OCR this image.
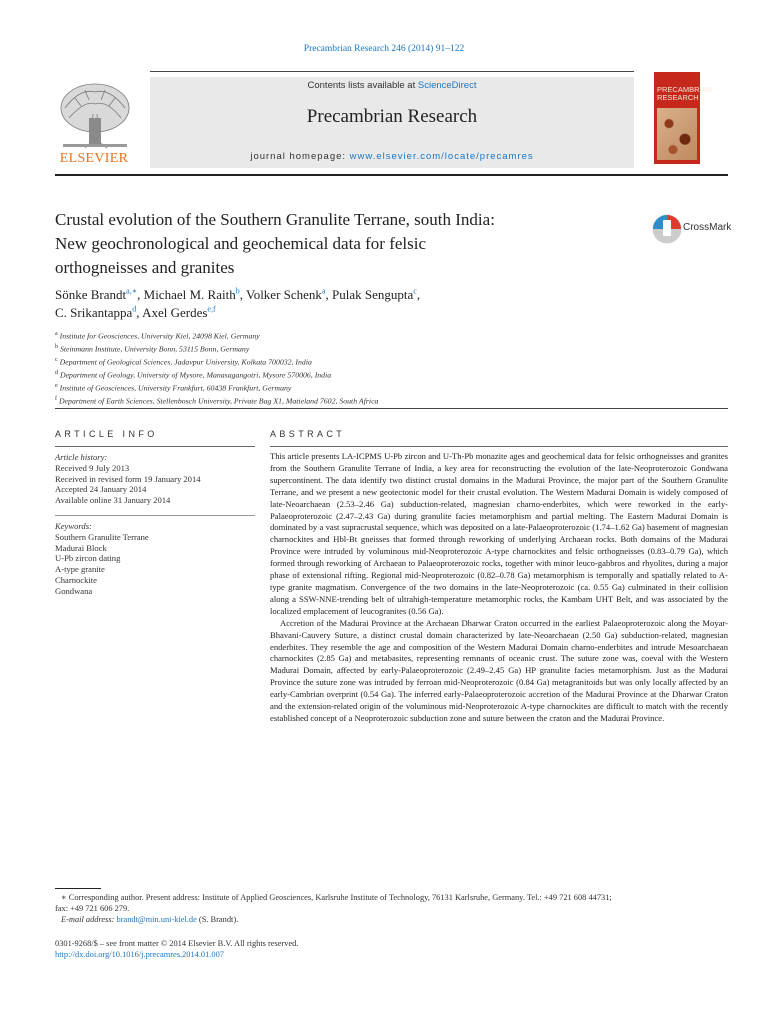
Precambrian Research 246 (2014) 91–122
ELSEVIER
Contents lists available at ScienceDirect
Precambrian Research
journal homepage: www.elsevier.com/locate/precamres
PRECAMBRIAN
RESEARCH
Crustal evolution of the Southern Granulite Terrane, south India:
New geochronological and geochemical data for felsic
orthogneisses and granites
CrossMark
Sönke Brandt$^{a,∗}$, Michael M. Raith$^b$, Volker Schenk$^a$, Pulak Sengupta$^c$,
C. Srikantappa$^d$, Axel Gerdes$^{e,f}$
$^a$ Institute for Geosciences, University Kiel, 24098 Kiel, Germany
$^b$ Steinmann Institute, University Bonn, 53115 Bonn, Germany
$^c$ Department of Geological Sciences, Jadavpur University, Kolkata 700032, India
$^d$ Department of Geology, University of Mysore, Manasagangotri, Mysore 570006, India
$^e$ Institute of Geosciences, University Frankfurt, 60438 Frankfurt, Germany
$^f$ Department of Earth Sciences, Stellenbosch University, Private Bag X1, Matieland 7602, South Africa
ARTICLE INFO
Article history:
Received 9 July 2013
Received in revised form 19 January 2014
Accepted 24 January 2014
Available online 31 January 2014
Keywords:
Southern Granulite Terrane
Madurai Block
U-Pb zircon dating
A-type granite
Charnockite
Gondwana
ABSTRACT

This article presents LA-ICPMS U-Pb zircon and U-Th-Pb monazite ages and geochemical data for felsic orthogneisses and granites from the Southern Granulite Terrane of India, a key area for reconstructing the evolution of the late-Neoproterozoic Gondwana supercontinent. The data identify two distinct crustal domains in the Madurai Province, the major part of the Southern Granulite Terrane, and we present a new geotectonic model for their crustal evolution. The Western Madurai Domain is widely composed of late-Neoarchaean (2.53–2.46 Ga) subduction-related, magnesian charno-enderbites, which were reworked in the early-Palaeoproterozoic (2.47–2.43 Ga) during granulite facies metamorphism and partial melting. The Eastern Madurai Domain is dominated by a vast supracrustal sequence, which was deposited on a late-Palaeoproterozoic (1.74–1.62 Ga) basement of magnesian charnockites and Hbl-Bt gneisses that formed through reworking of underlying Archaean rocks. Both domains of the Madurai Province were intruded by voluminous mid-Neoproterozoic A-type charnockites and felsic orthogneisses (0.83–0.79 Ga), which formed through reworking of Archaean to Palaeoproterozoic rocks, together with minor leuco-gabbros and rhyolites, during a major phase of extensional rifting. Regional mid-Neoproterozoic (0.82–0.78 Ga) metamorphism is temporally and spatially related to A-type granite magmatism. Convergence of the two domains in the late-Neoproterozoic (ca. 0.55 Ga) culminated in their collision along a SSW-NNE-trending belt of ultrahigh-temperature metamorphic rocks, the Kambam UHT Belt, and was associated by the localized emplacement of leucogranites (0.56 Ga).

Accretion of the Madurai Province at the Archaean Dharwar Craton occurred in the earliest Palaeoproterozoic along the Moyar-Bhavani-Cauvery Suture, a distinct crustal domain characterized by late-Neoarchaean (2.50 Ga) subduction-related, magnesian enderbites. They resemble the age and composition of the Western Madurai Domain charno-enderbites and intrude Mesoarchaean charnockites (2.85 Ga) and metabasites, representing remnants of oceanic crust. The suture zone was, coeval with the Western Madurai Domain, affected by early-Palaeoproterozoic (2.49–2.45 Ga) HP granulite facies metamorphism. Just as the Madurai Province the suture zone was intruded by ferroan mid-Neoproterozoic (0.84 Ga) metagranitoids but was only locally affected by an early-Cambrian overprint (0.54 Ga). The inferred early-Palaeoproterozoic accretion of the Madurai Province at the Dharwar Craton and the extension-related origin of the voluminous mid-Neoproterozoic A-type charnockites are difficult to match with the recently established concept of a Neoproterozoic subduction zone and suture between the craton and the Madurai Province.

∗ Corresponding author. Present address: Institute of Applied Geosciences, Karlsruhe Institute of Technology, 76131 Karlsruhe, Germany. Tel.: +49 721 608 44731;
fax: +49 721 606 279.
E-mail address: brandt@min.uni-kiel.de (S. Brandt).
0301-9268/$ – see front matter © 2014 Elsevier B.V. All rights reserved.
http://dx.doi.org/10.1016/j.precamres.2014.01.007
